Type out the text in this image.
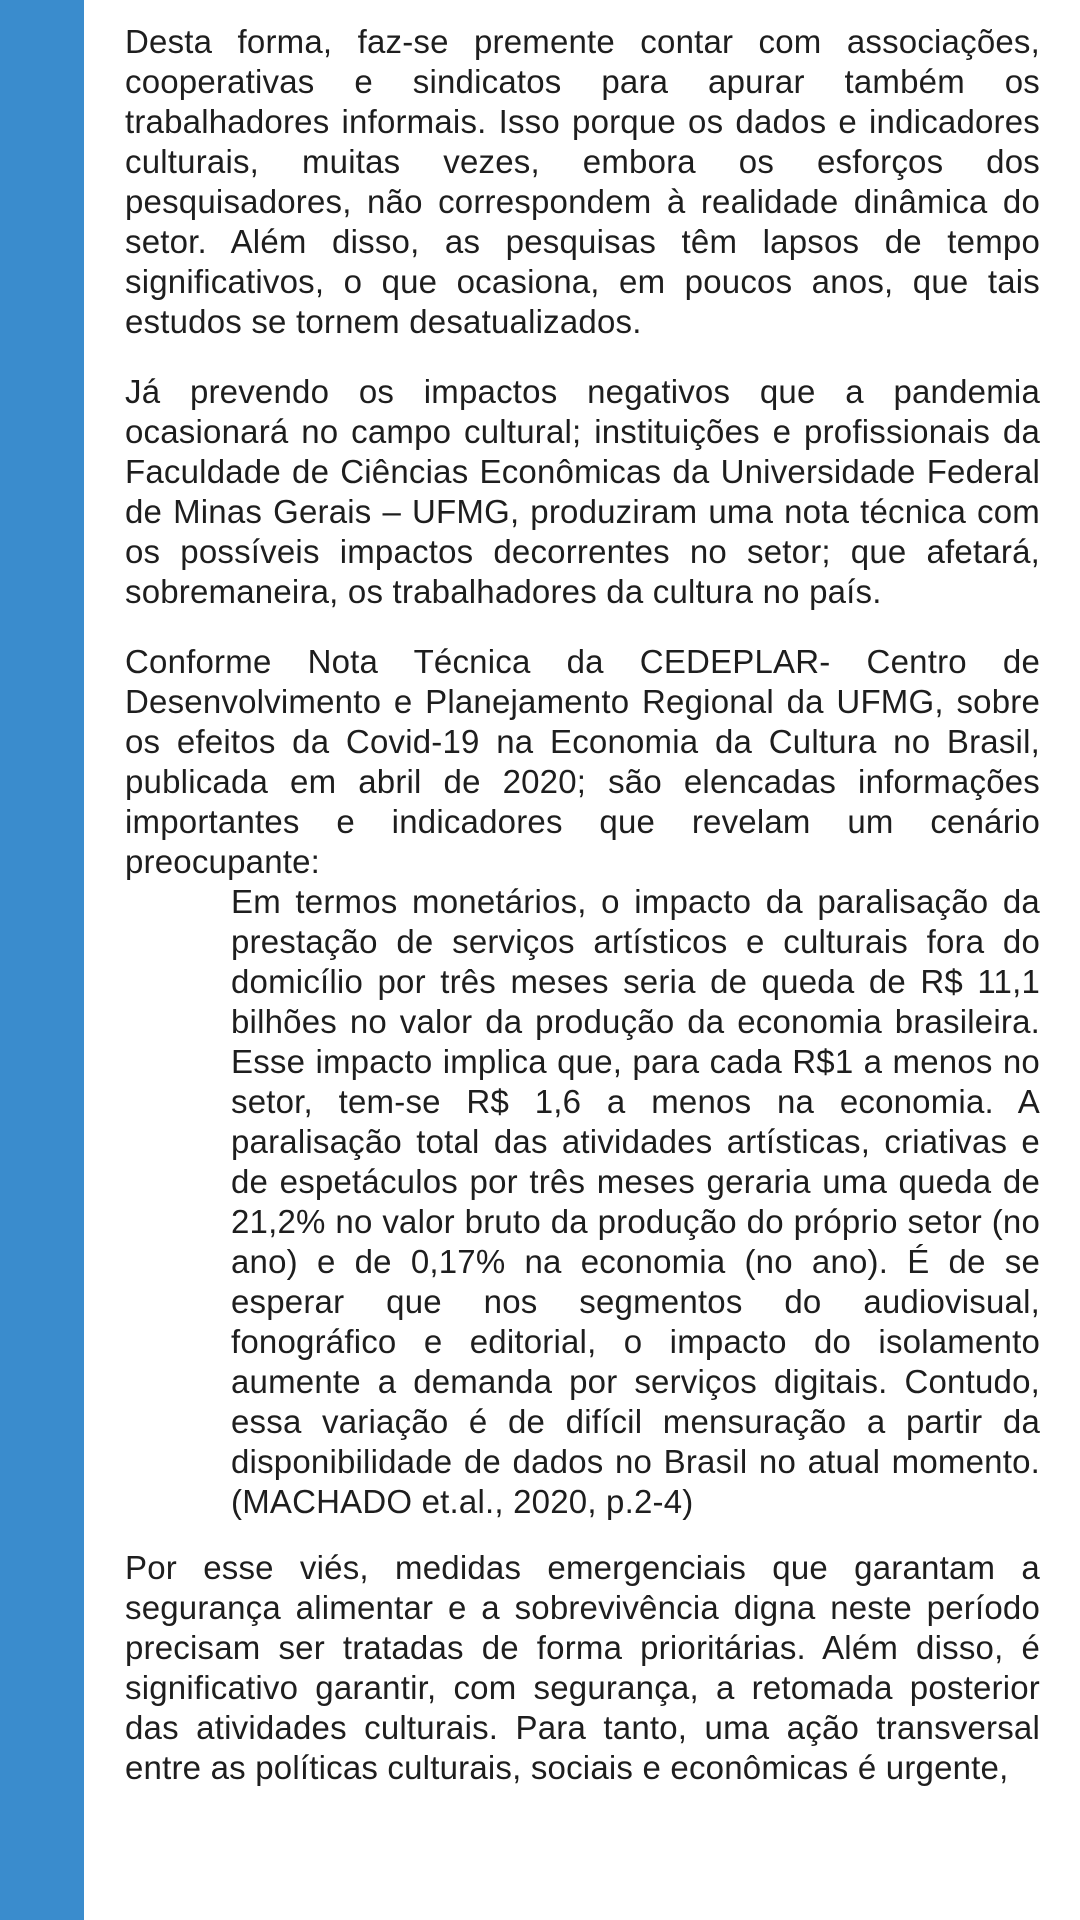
Desta forma, faz-se premente contar com associações, cooperativas e sindicatos para apurar também os trabalhadores informais. Isso porque os dados e indicadores culturais, muitas vezes, embora os esforços dos pesquisadores, não correspondem à realidade dinâmica do setor. Além disso, as pesquisas têm lapsos de tempo significativos, o que ocasiona, em poucos anos, que tais estudos se tornem desatualizados.

Já prevendo os impactos negativos que a pandemia ocasionará no campo cultural; instituições e profissionais da Faculdade de Ciências Econômicas da Universidade Federal de Minas Gerais – UFMG, produziram uma nota técnica com os possíveis impactos decorrentes no setor; que afetará, sobremaneira, os trabalhadores da cultura no país.

Conforme Nota Técnica da CEDEPLAR- Centro de Desenvolvimento e Planejamento Regional da UFMG, sobre os efeitos da Covid-19 na Economia da Cultura no Brasil, publicada em abril de 2020; são elencadas informações importantes e indicadores que revelam um cenário preocupante:

Em termos monetários, o impacto da paralisação da prestação de serviços artísticos e culturais fora do domicílio por três meses seria de queda de R$ 11,1 bilhões no valor da produção da economia brasileira. Esse impacto implica que, para cada R$1 a menos no setor, tem-se R$ 1,6 a menos na economia. A paralisação total das atividades artísticas, criativas e de espetáculos por três meses geraria uma queda de 21,2% no valor bruto da produção do próprio setor (no ano) e de 0,17% na economia (no ano). É de se esperar que nos segmentos do audiovisual, fonográfico e editorial, o impacto do isolamento aumente a demanda por serviços digitais. Contudo, essa variação é de difícil mensuração a partir da disponibilidade de dados no Brasil no atual momento. (MACHADO et.al., 2020, p.2-4)

Por esse viés, medidas emergenciais que garantam a segurança alimentar e a sobrevivência digna neste período precisam ser tratadas de forma prioritárias. Além disso, é significativo garantir, com segurança, a retomada posterior das atividades culturais. Para tanto, uma ação transversal entre as políticas culturais, sociais e econômicas é urgente,
